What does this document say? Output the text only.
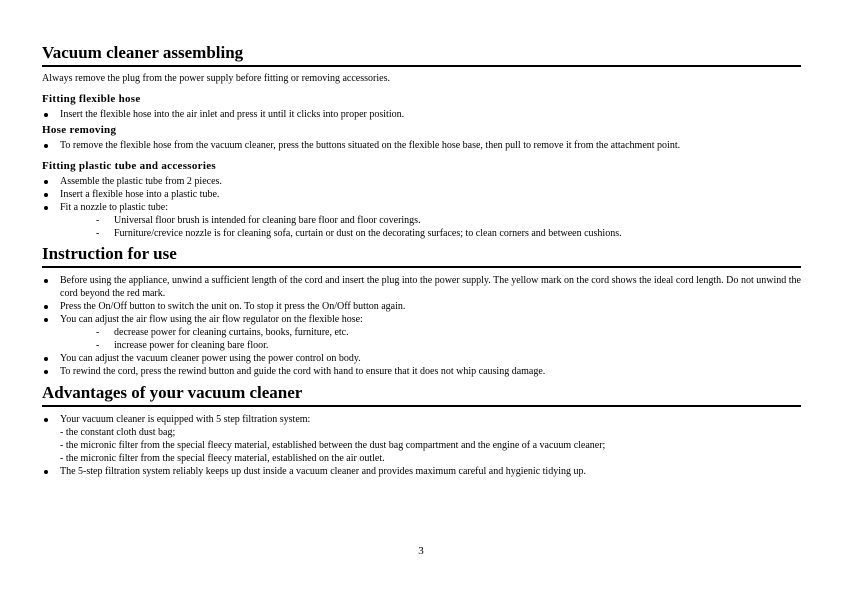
Vacuum cleaner assembling
Always remove the plug from the power supply before fitting or removing accessories.
Fitting flexible hose
Insert the flexible hose into the air inlet and press it until it clicks into proper position.
Hose removing
To remove the flexible hose from the vacuum cleaner, press the buttons situated on the flexible hose base, then pull to remove it from the attachment point.
Fitting plastic tube and accessories
Assemble the plastic tube from 2 pieces.
Insert a flexible hose into a plastic tube.
Fit a nozzle to plastic tube:
- Universal floor brush is intended for cleaning bare floor and floor coverings.
- Furniture/crevice nozzle is for cleaning sofa, curtain or dust on the decorating surfaces; to clean corners and between cushions.
Instruction for use
Before using the appliance, unwind a sufficient length of the cord and insert the plug into the power supply. The yellow mark on the cord shows the ideal cord length. Do not unwind the cord beyond the red mark.
Press the On/Off button to switch the unit on. To stop it press the On/Off button again.
You can adjust the air flow using the air flow regulator on the flexible hose:
- decrease power for cleaning curtains, books, furniture, etc.
- increase power for cleaning bare floor.
You can adjust the vacuum cleaner power using the power control on body.
To rewind the cord, press the rewind button and guide the cord with hand to ensure that it does not whip causing damage.
Advantages of your vacuum cleaner
Your vacuum cleaner is equipped with 5 step filtration system:
- the constant cloth dust bag;
- the micronic filter from the special fleecy material, established between the dust bag compartment and the engine of a vacuum cleaner;
- the micronic filter from the special fleecy material, established on the air outlet.
The 5-step filtration system reliably keeps up dust inside a vacuum cleaner and provides maximum careful and hygienic tidying up.
3
